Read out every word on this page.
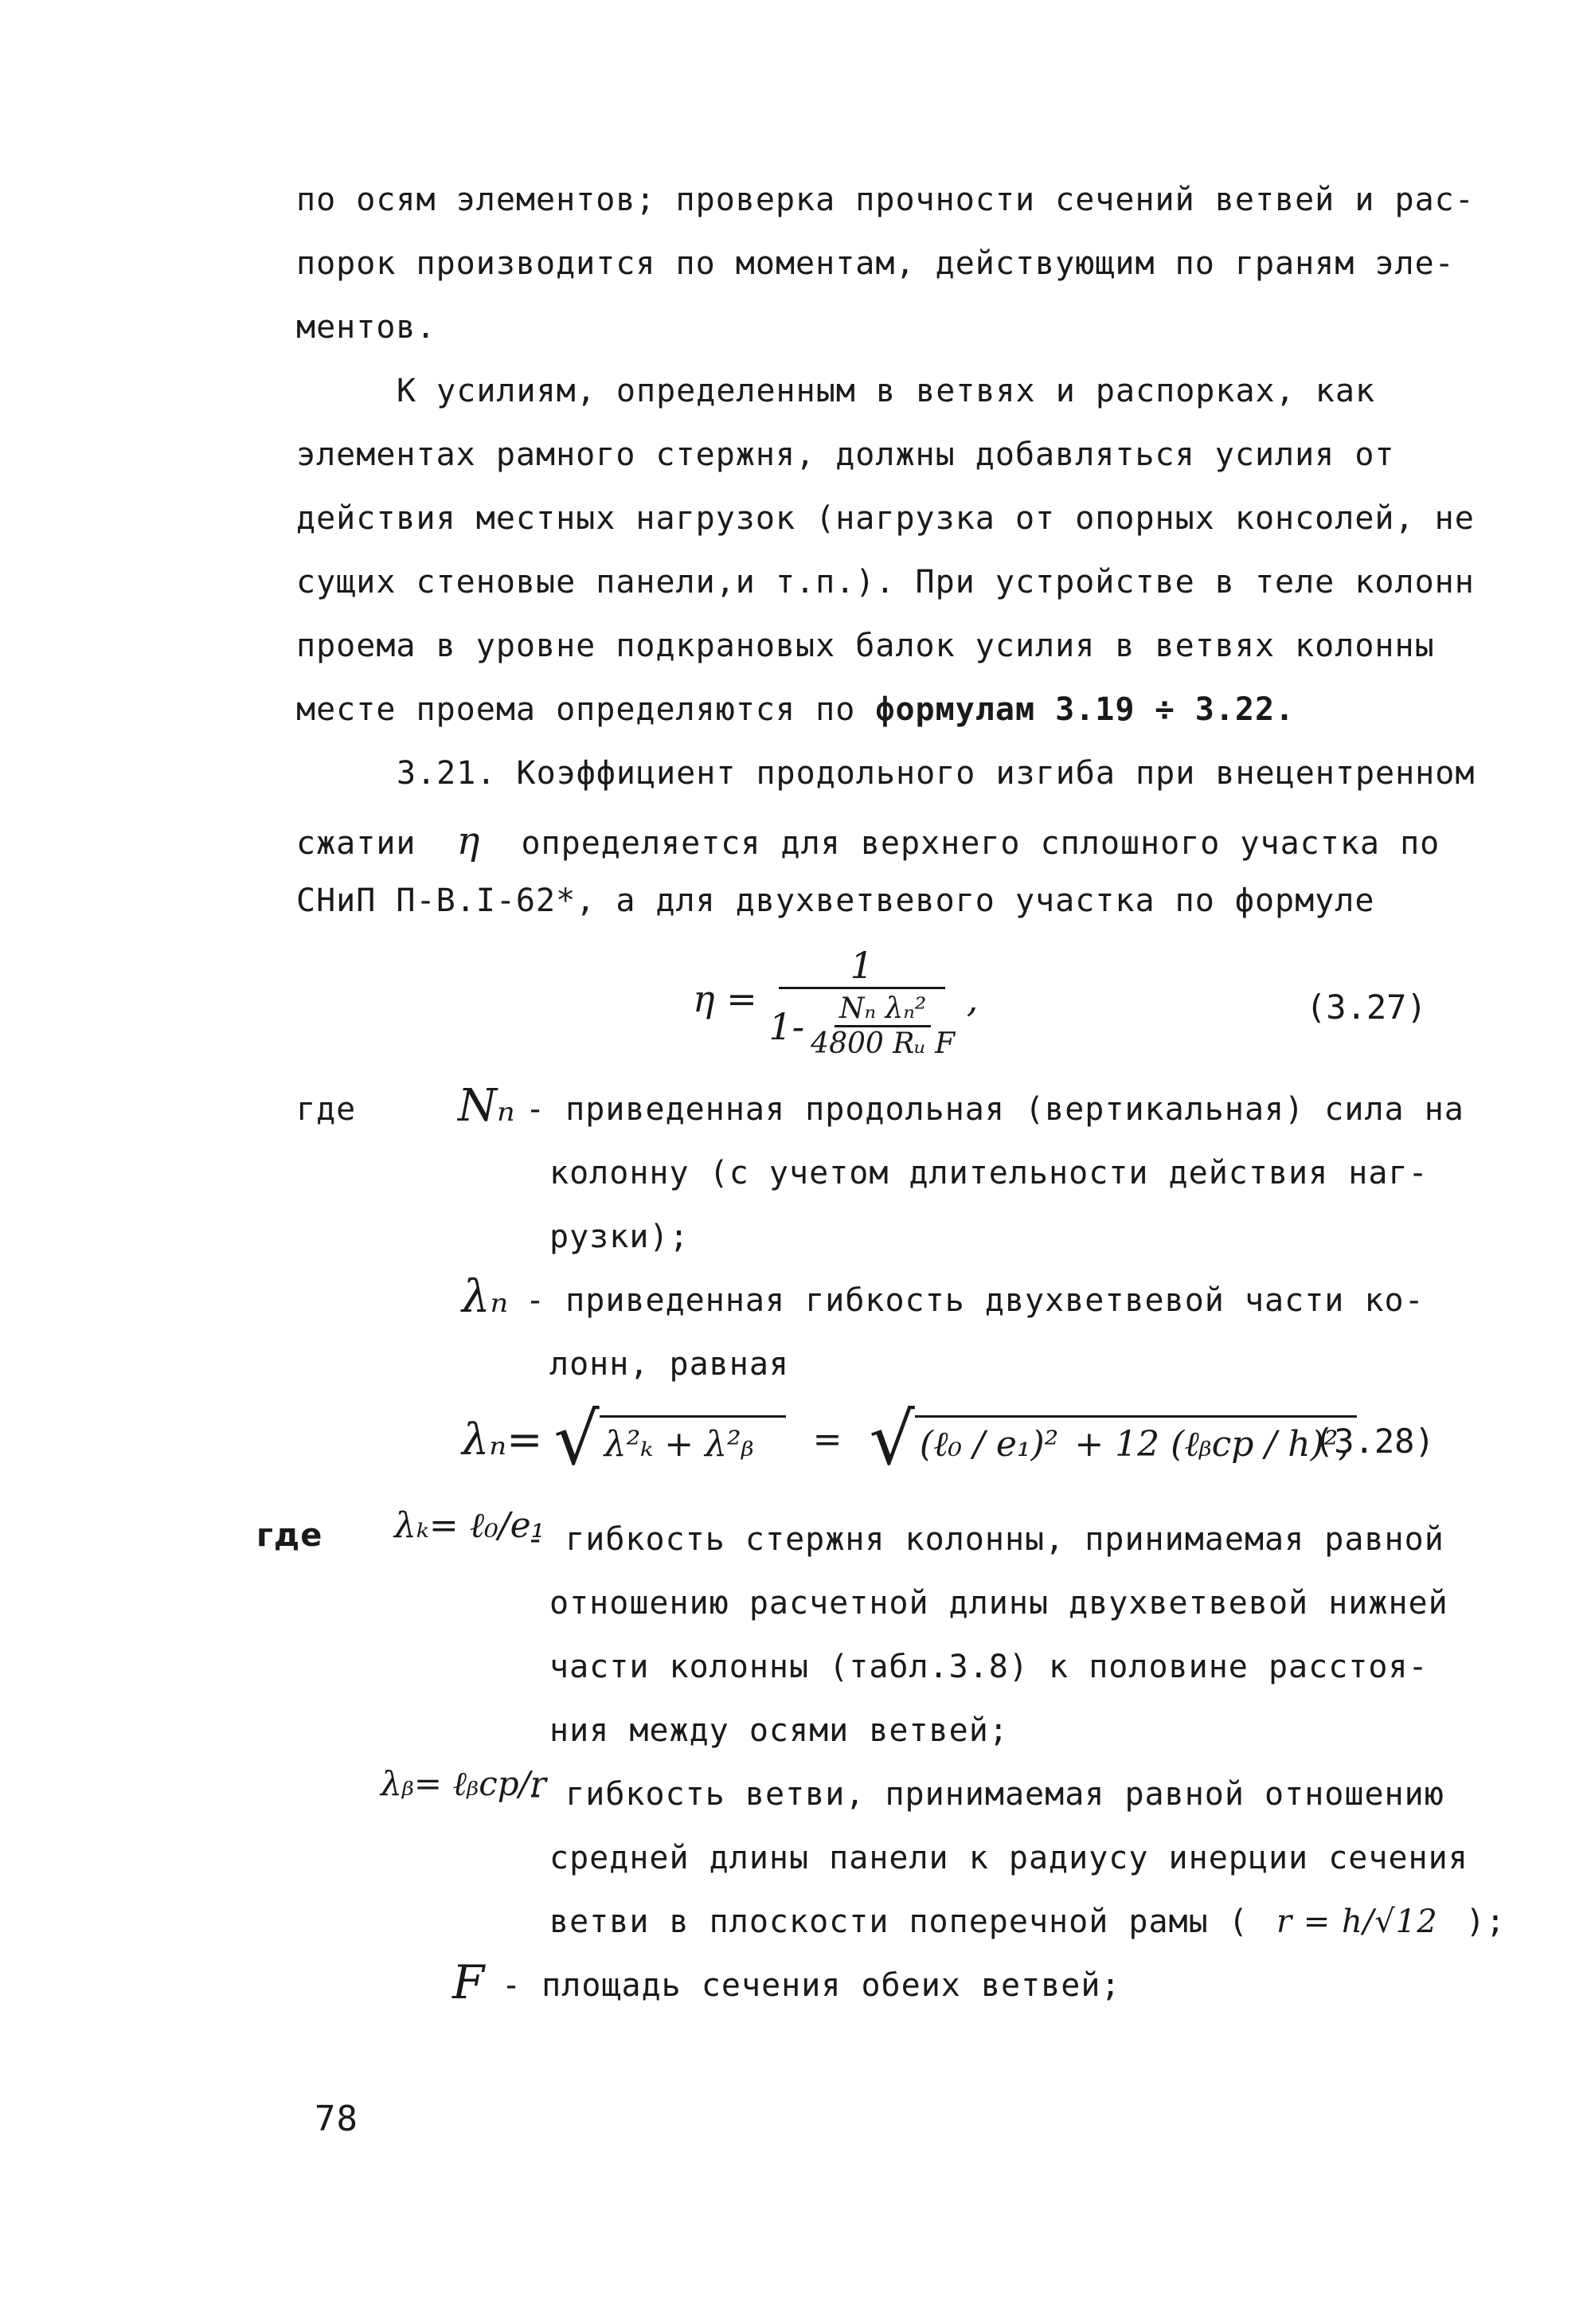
по осям элементов; проверка прочности сечений ветвей и рас-
порок производится по моментам, действующим по граням эле-
ментов.
К усилиям, определенным в ветвях и распорках, как
элементах рамного стержня, должны добавляться усилия от
действия местных нагрузок (нагрузка от опорных консолей, не
сущих стеновые панели,и т.п.). При устройстве в теле колонн
проема в уровне подкрановых балок усилия в ветвях колонны
месте проема определяются по формулам 3.19 ÷ 3.22.
3.21. Коэффициент продольного изгиба при внецентренном
сжатии η определяется для верхнего сплошного участка по
СНиП П-В.I-62*, а для двухветвевого участка по формуле
$\eta = \frac{1}{1- \frac{\text{Nₙ λₙ²}}{\text{4800 Rᵤ F}}}$ ,	(3.27)
где Nₙ - приведенная продольная (вертикальная) сила на
колонну (с учетом длительности действия наг-
рузки);
λₙ - приведенная гибкость двухветвевой части ко-
лонн, равная
λₙ= √ λ²ₖ + λ²ᵦ	= √ (ℓ₀ / e₁)² + 12 (ℓᵦcp / h)²,
(3.28)
где λₖ= ℓ₀/e₁
- гибкость стержня колонны, принимаемая равной
отношению расчетной длины двухветвевой нижней
части колонны (табл.3.8) к половине расстоя-
ния между осями ветвей;
λᵦ= ℓᵦcp/r
- гибкость ветви, принимаемая равной отношению
средней длины панели к радиусу инерции сечения
ветви в плоскости поперечной рамы ( r = h/√12 );
F - площадь сечения обеих ветвей;
78
